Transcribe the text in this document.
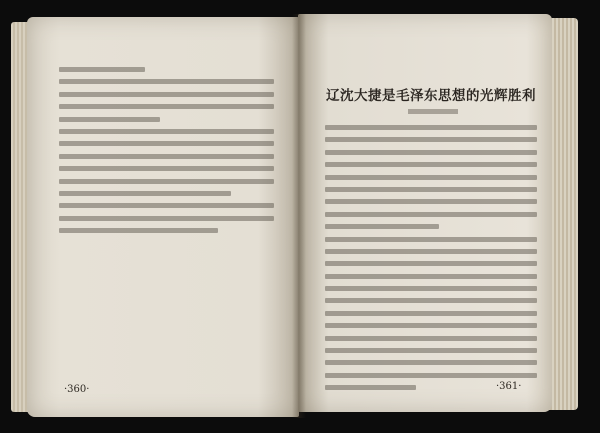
辽沈大捷是毛泽东思想的光辉胜利
·360·	·361·
